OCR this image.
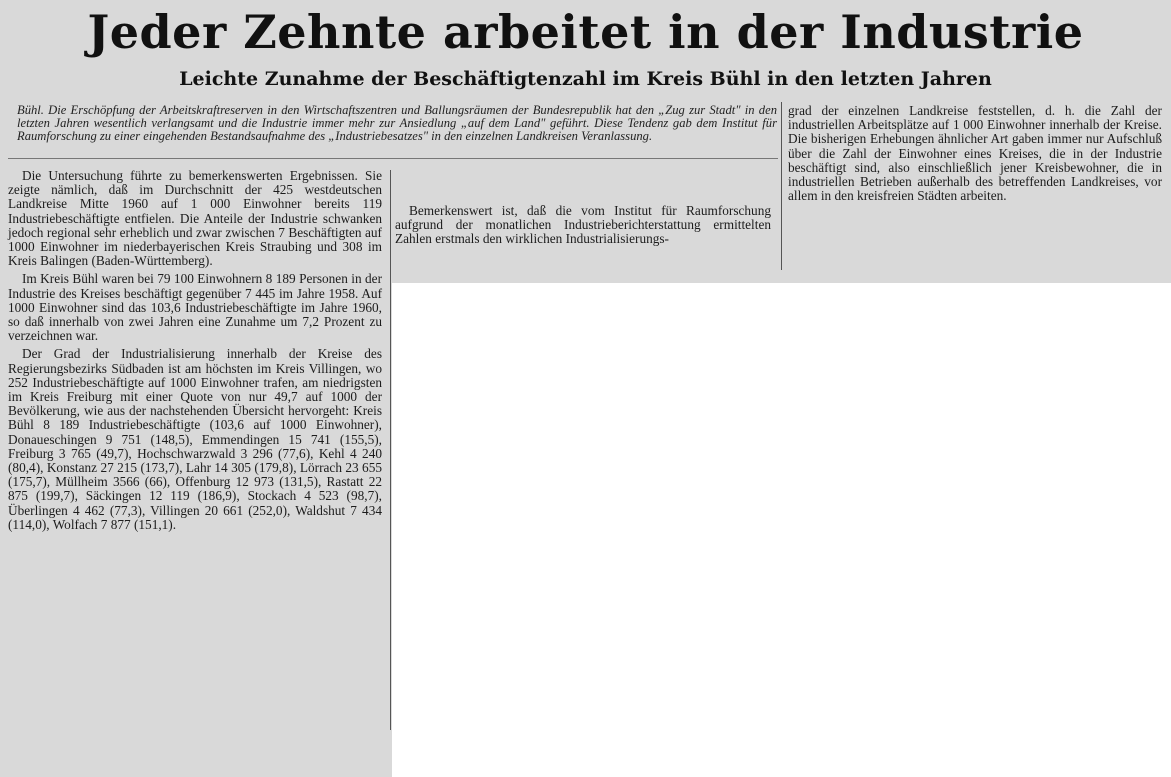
Jeder Zehnte arbeitet in der Industrie
Leichte Zunahme der Beschäftigtenzahl im Kreis Bühl in den letzten Jahren
Bühl. Die Erschöpfung der Arbeitskraftreserven in den Wirtschaftszentren und Ballungsräumen der Bundesrepublik hat den „Zug zur Stadt" in den letzten Jahren wesentlich verlangsamt und die Industrie immer mehr zur Ansiedlung „auf dem Land" geführt. Diese Tendenz gab dem Institut für Raumforschung zu einer eingehenden Bestandsaufnahme des „Industriebesatzes" in den einzelnen Landkreisen Veranlassung.

Die Untersuchung führte zu bemerkenswerten Ergebnissen. Sie zeigte nämlich, daß im Durchschnitt der 425 westdeutschen Landkreise Mitte 1960 auf 1 000 Einwohner bereits 119 Industriebeschäftigte entfielen. Die Anteile der Industrie schwanken jedoch regional sehr erheblich und zwar zwischen 7 Beschäftigten auf 1000 Einwohner im niederbayerischen Kreis Straubing und 308 im Kreis Balingen (Baden-Württemberg).

Im Kreis Bühl waren bei 79 100 Einwohnern 8 189 Personen in der Industrie des Kreises beschäftigt gegenüber 7 445 im Jahre 1958. Auf 1000 Einwohner sind das 103,6 Industriebeschäftigte im Jahre 1960, so daß innerhalb von zwei Jahren eine Zunahme um 7,2 Prozent zu verzeichnen war.

Der Grad der Industrialisierung innerhalb der Kreise des Regierungsbezirks Südbaden ist am höchsten im Kreis Villingen, wo 252 Industriebeschäftigte auf 1000 Einwohner trafen, am niedrigsten im Kreis Freiburg mit einer Quote von nur 49,7 auf 1000 der Bevölkerung, wie aus der nachstehenden Übersicht hervorgeht: Kreis Bühl 8 189 Industriebeschäftigte (103,6 auf 1000 Einwohner), Donaueschingen 9 751 (148,5), Emmendingen 15 741 (155,5), Freiburg 3 765 (49,7), Hochschwarzwald 3 296 (77,6), Kehl 4 240 (80,4), Konstanz 27 215 (173,7), Lahr 14 305 (179,8), Lörrach 23 655 (175,7), Müllheim 3566 (66), Offenburg 12 973 (131,5), Rastatt 22 875 (199,7), Säckingen 12 119 (186,9), Stockach 4 523 (98,7), Überlingen 4 462 (77,3), Villingen 20 661 (252,0), Waldshut 7 434 (114,0), Wolfach 7 877 (151,1).

Bemerkenswert ist, daß die vom Institut für Raumforschung aufgrund der monatlichen Industrieberichterstattung ermittelten Zahlen erstmals den wirklichen Industrialisierungs-

grad der einzelnen Landkreise feststellen, d. h. die Zahl der industriellen Arbeitsplätze auf 1 000 Einwohner innerhalb der Kreise. Die bisherigen Erhebungen ähnlicher Art gaben immer nur Aufschluß über die Zahl der Einwohner eines Kreises, die in der Industrie beschäftigt sind, also einschließlich jener Kreisbewohner, die in industriellen Betrieben außerhalb des betreffenden Landkreises, vor allem in den kreisfreien Städten arbeiten.
